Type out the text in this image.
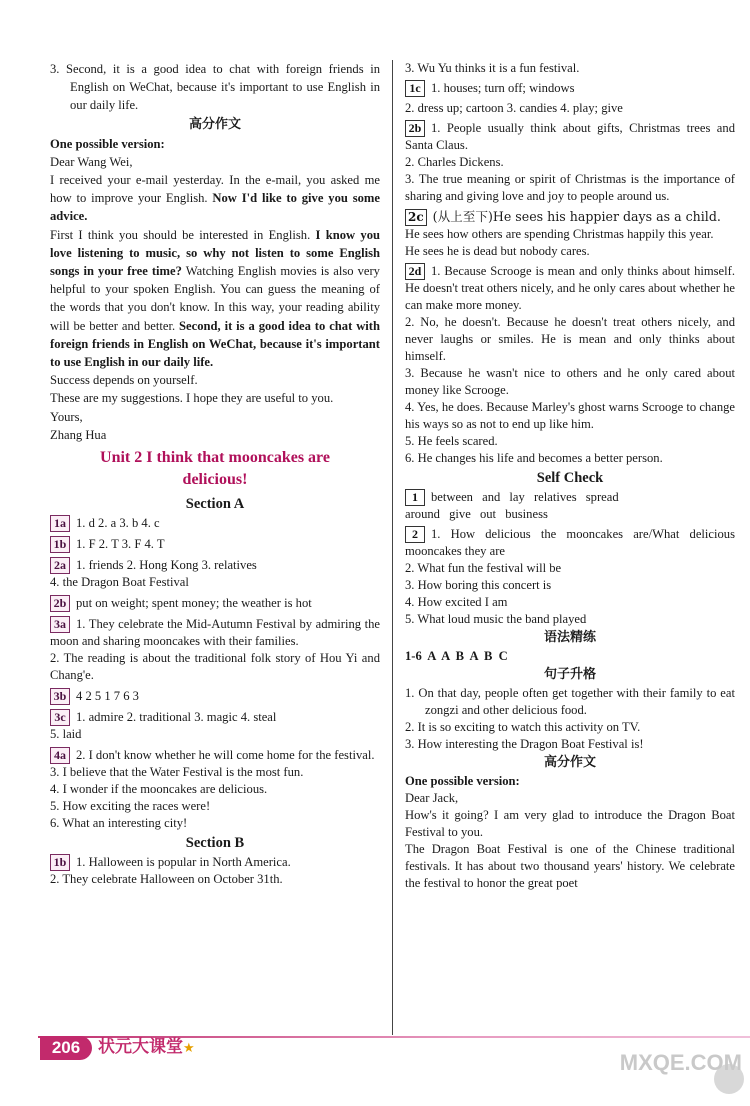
3. Second, it is a good idea to chat with foreign friends in English on WeChat, because it's important to use English in our daily life.

高分作文

One possible version:

Dear Wang Wei,

I received your e-mail yesterday. In the e-mail, you asked me how to improve your English. Now I'd like to give you some advice.

First I think you should be interested in English. I know you love listening to music, so why not listen to some English songs in your free time? Watching English movies is also very helpful to your spoken English. You can guess the meaning of the words that you don't know. In this way, your reading ability will be better and better. Second, it is a good idea to chat with foreign friends in English on WeChat, because it's important to use English in our daily life.

Success depends on yourself.

These are my suggestions. I hope they are useful to you.

Yours,

Zhang Hua

Unit 2 I think that mooncakes are
delicious!
Section A

1a 1. d 2. a 3. b 4. c

1b 1. F 2. T 3. F 4. T

2a 1. friends 2. Hong Kong 3. relatives

4. the Dragon Boat Festival

2b put on weight; spent money; the weather is hot

3a 1. They celebrate the Mid-Autumn Festival by admiring the moon and sharing mooncakes with their families.

2. The reading is about the traditional folk story of Hou Yi and Chang'e.

3b 4 2 5 1 7 6 3

3c 1. admire 2. traditional 3. magic 4. steal

5. laid

4a 2. I don't know whether he will come home for the festival.

3. I believe that the Water Festival is the most fun.

4. I wonder if the mooncakes are delicious.

5. How exciting the races were!

6. What an interesting city!

Section B

1b 1. Halloween is popular in North America.

2. They celebrate Halloween on October 31th.

3. Wu Yu thinks it is a fun festival.

1c 1. houses; turn off; windows

2. dress up; cartoon 3. candies 4. play; give

2b 1. People usually think about gifts, Christmas trees and Santa Claus.

2. Charles Dickens.

3. The true meaning or spirit of Christmas is the importance of sharing and giving love and joy to people around us.

2c (从上至下)He sees his happier days as a child.

He sees how others are spending Christmas happily this year.

He sees he is dead but nobody cares.

2d 1. Because Scrooge is mean and only thinks about himself. He doesn't treat others nicely, and he only cares about whether he can make more money.

2. No, he doesn't. Because he doesn't treat others nicely, and never laughs or smiles. He is mean and only thinks about himself.

3. Because he wasn't nice to others and he only cared about money like Scrooge.

4. Yes, he does. Because Marley's ghost warns Scrooge to change his ways so as not to end up like him.

5. He feels scared.

6. He changes his life and becomes a better person.

Self Check

1 between and lay relatives spread

around give out business

2 1. How delicious the mooncakes are/What delicious mooncakes they are

2. What fun the festival will be

3. How boring this concert is

4. How excited I am

5. What loud music the band played

语法精练

1-6 A A B A B C

句子升格

1. On that day, people often get together with their family to eat zongzi and other delicious food.

2. It is so exciting to watch this activity on TV.

3. How interesting the Dragon Boat Festival is!

高分作文

One possible version:

Dear Jack,

How's it going? I am very glad to introduce the Dragon Boat Festival to you.

The Dragon Boat Festival is one of the Chinese traditional festivals. It has about two thousand years' history. We celebrate the festival to honor the great poet

206	状元大课堂★
MXQE.COM
